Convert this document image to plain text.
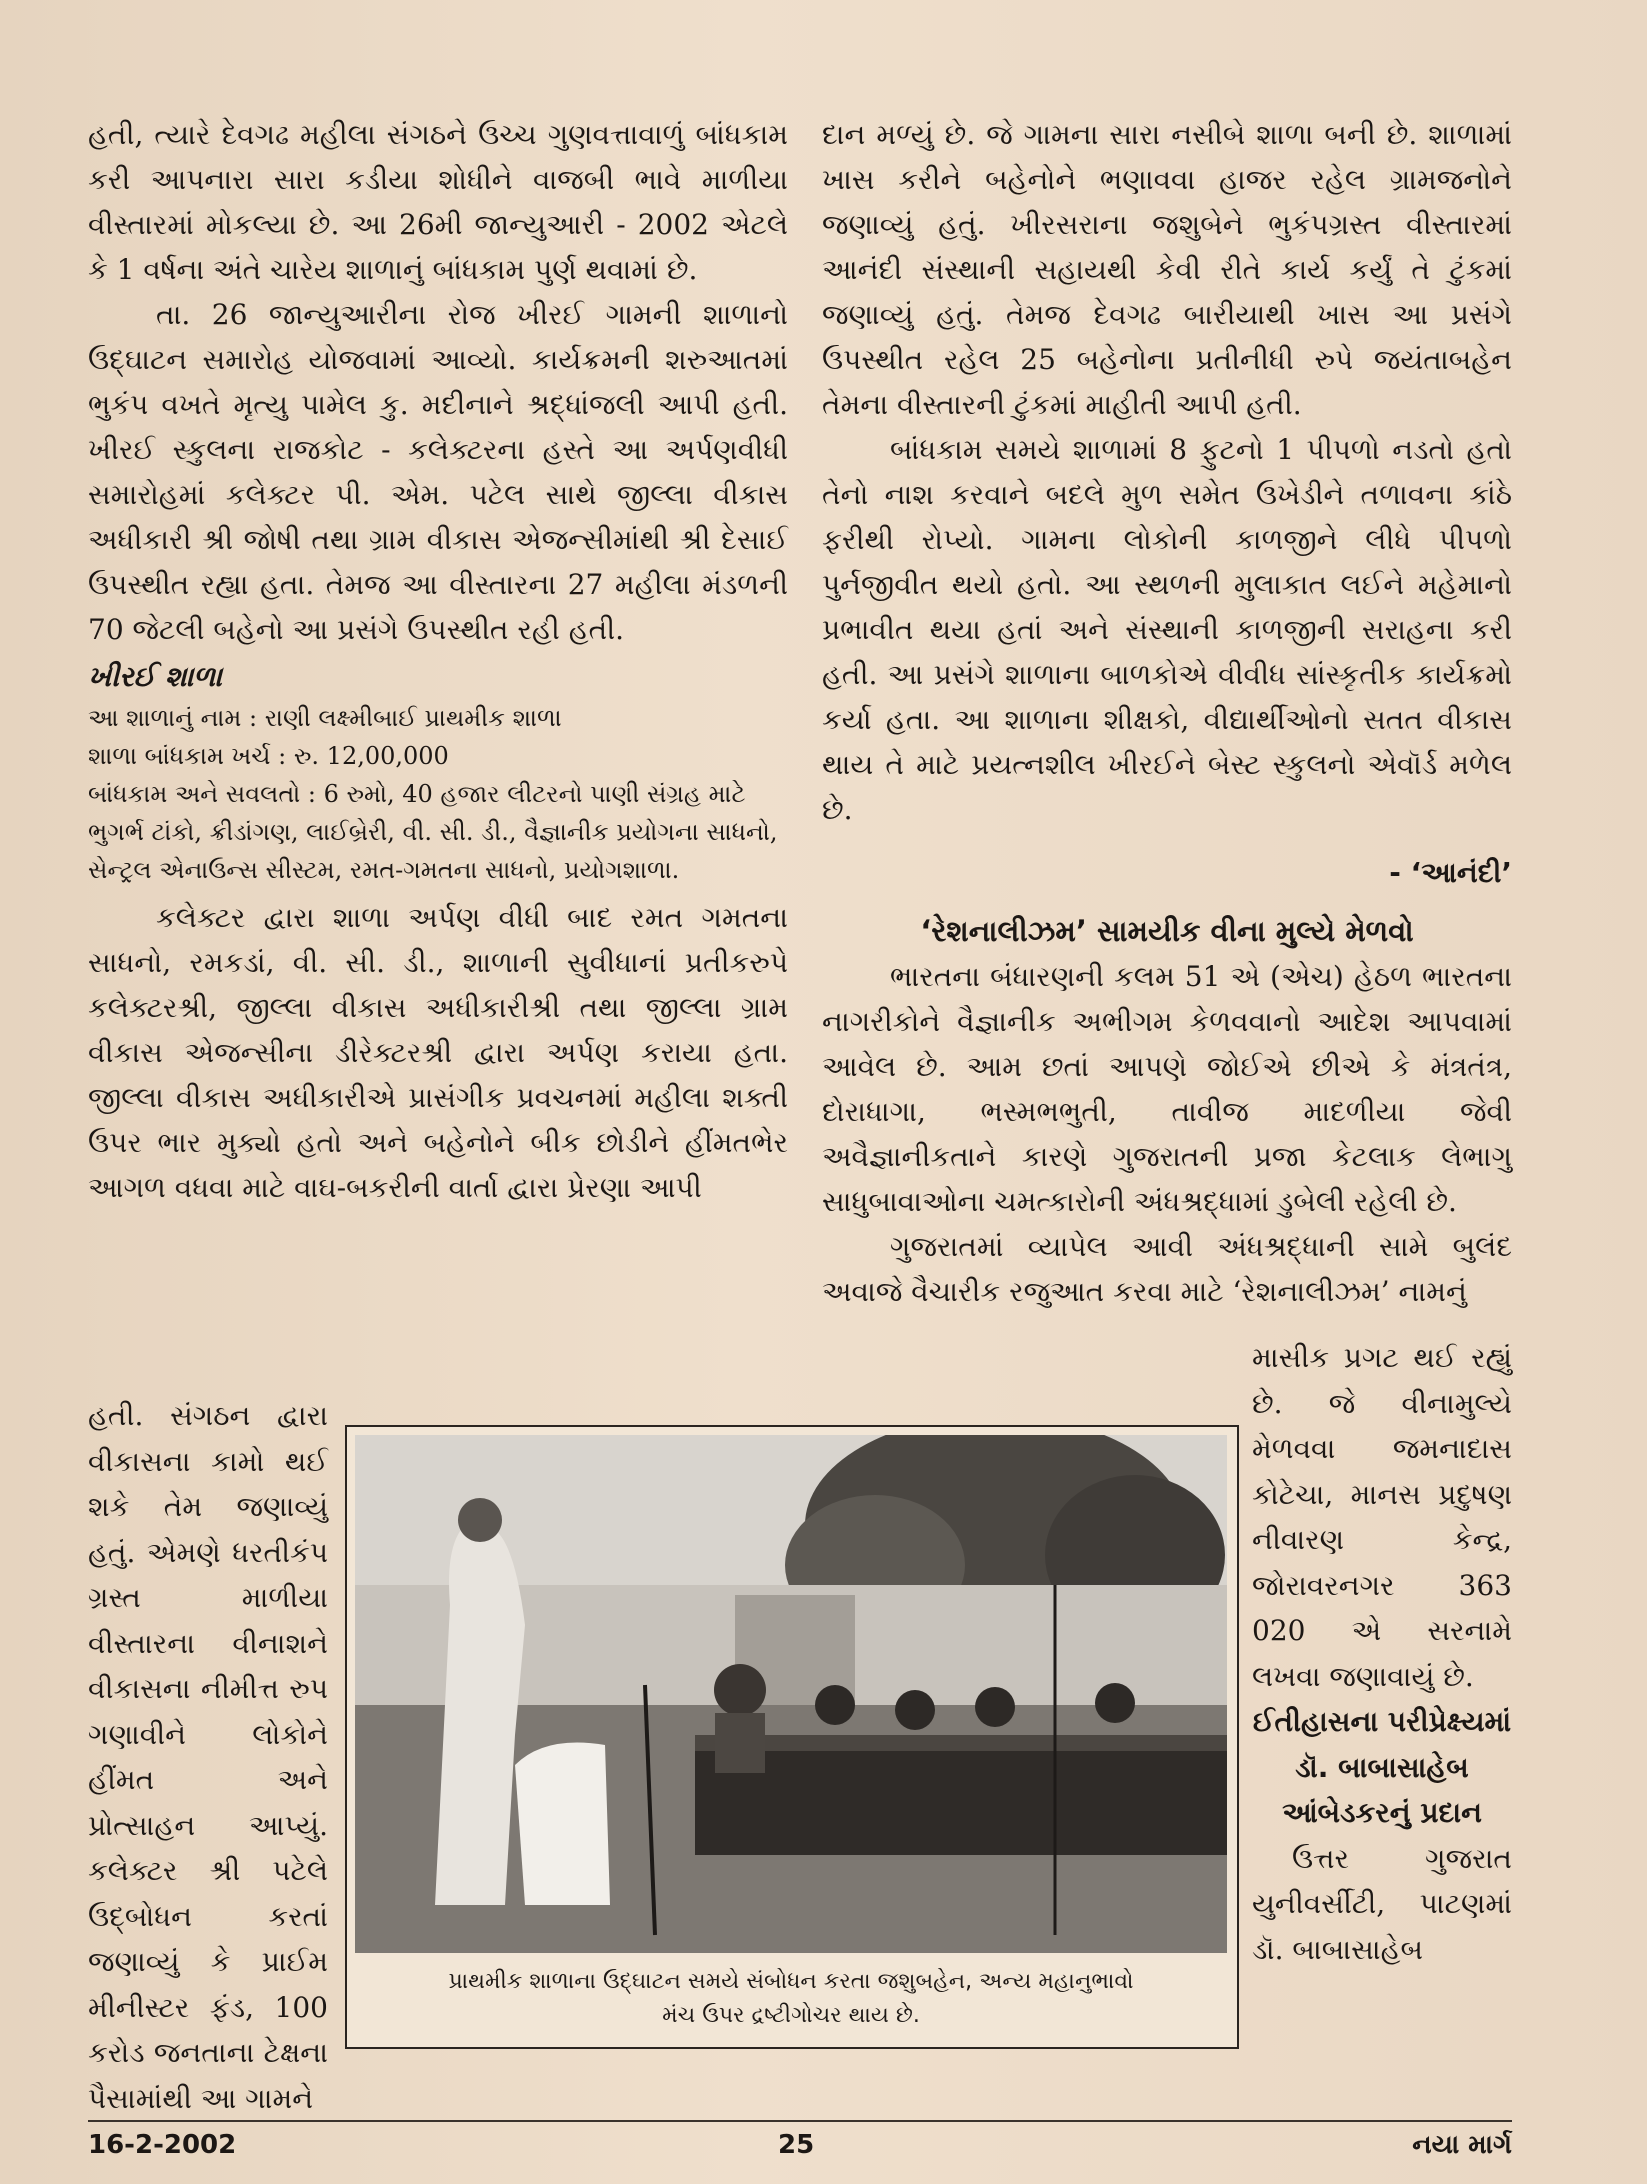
હતી, ત્યારે દેવગઢ મહીલા સંગઠને ઉચ્ચ ગુણવત્તાવાળું બાંધકામ કરી આપનારા સારા કડીયા શોધીને વાજબી ભાવે માળીયા વીસ્તારમાં મોકલ્યા છે. આ 26મી જાન્યુઆરી - 2002 એટલે કે 1 વર્ષના અંતે ચારેય શાળાનું બાંધકામ પુર્ણ થવામાં છે.

તા. 26 જાન્યુઆરીના રોજ ખીરઈ ગામની શાળાનો ઉદ્‌ઘાટન સમારોહ યોજવામાં આવ્યો. કાર્યક્રમની શરુઆતમાં ભુકંપ વખતે મૃત્યુ પામેલ કુ. મદીનાને શ્રદ્ધાંજલી આપી હતી. ખીરઈ સ્કુલના રાજકોટ - કલેક્ટરના હસ્તે આ અર્પણવીધી સમારોહમાં કલેક્ટર પી. એમ. પટેલ સાથે જીલ્લા વીકાસ અધીકારી શ્રી જોષી તથા ગ્રામ વીકાસ એજન્સીમાંથી શ્રી દેસાઈ ઉપસ્થીત રહ્યા હતા. તેમજ આ વીસ્તારના 27 મહીલા મંડળની 70 જેટલી બહેનો આ પ્રસંગે ઉપસ્થીત રહી હતી.

ખીરઈ શાળા

આ શાળાનું નામ : રાણી લક્ષ્મીબાઈ પ્રાથમીક શાળા

શાળા બાંધકામ ખર્ચ : રુ. 12,00,000

બાંધકામ અને સવલતો : 6 રુમો, 40 હજાર લીટરનો પાણી સંગ્રહ માટે ભુગર્ભ ટાંકો, ક્રીડાંગણ, લાઈબ્રેરી, વી. સી. ડી., વૈજ્ઞાનીક પ્રયોગના સાધનો, સેન્ટ્રલ એનાઉન્સ સીસ્ટમ, રમત-ગમતના સાધનો, પ્રયોગશાળા.

કલેક્ટર દ્વારા શાળા અર્પણ વીધી બાદ રમત ગમતના સાધનો, રમકડાં, વી. સી. ડી., શાળાની સુવીધાનાં પ્રતીકરુપે કલેક્ટરશ્રી, જીલ્લા વીકાસ અધીકારીશ્રી તથા જીલ્લા ગ્રામ વીકાસ એજન્સીના ડીરેક્ટરશ્રી દ્વારા અર્પણ કરાયા હતા. જીલ્લા વીકાસ અધીકારીએ પ્રાસંગીક પ્રવચનમાં મહીલા શક્તી ઉપર ભાર મુક્યો હતો અને બહેનોને બીક છોડીને હીંમતભેર આગળ વધવા માટે વાઘ-બકરીની વાર્તા દ્વારા પ્રેરણા આપી

હતી. સંગઠન દ્વારા વીકાસના કામો થઈ શકે તેમ જણાવ્યું હતું. એમણે ધરતીકંપ ગ્રસ્ત માળીયા વીસ્તારના વીનાશને વીકાસના નીમીત્ત રુપ ગણાવીને લોકોને હીંમત અને પ્રોત્સાહન આપ્યું. કલેક્ટર શ્રી પટેલે ઉદ્‌બોધન કરતાં જણાવ્યું કે પ્રાઈમ મીનીસ્ટર ફંડ, 100 કરોડ જનતાના ટેક્ષના પૈસામાંથી આ ગામને

દાન મળ્યું છે. જે ગામના સારા નસીબે શાળા બની છે. શાળામાં ખાસ કરીને બહેનોને ભણાવવા હાજર રહેલ ગ્રામજનોને જણાવ્યું હતું. ખીરસરાના જશુબેને ભુકંપગ્રસ્ત વીસ્તારમાં આનંદી સંસ્થાની સહાયથી કેવી રીતે કાર્ય કર્યું તે ટુંકમાં જણાવ્યું હતું. તેમજ દેવગઢ બારીયાથી ખાસ આ પ્રસંગે ઉપસ્થીત રહેલ 25 બહેનોના પ્રતીનીધી રુપે જયંતાબહેન તેમના વીસ્તારની ટુંકમાં માહીતી આપી હતી.

બાંધકામ સમયે શાળામાં 8 ફુટનો 1 પીપળો નડતો હતો તેનો નાશ કરવાને બદલે મુળ સમેત ઉખેડીને તળાવના કાંઠે ફરીથી રોપ્યો. ગામના લોકોની કાળજીને લીધે પીપળો પુર્નજીવીત થયો હતો. આ સ્થળની મુલાકાત લઈને મહેમાનો પ્રભાવીત થયા હતાં અને સંસ્થાની કાળજીની સરાહના કરી હતી. આ પ્રસંગે શાળાના બાળકોએ વીવીધ સાંસ્કૃતીક કાર્યક્રમો કર્યા હતા. આ શાળાના શીક્ષકો, વીદ્યાર્થીઓનો સતત વીકાસ થાય તે માટે પ્રયત્નશીલ ખીરઈને બેસ્ટ સ્કુલનો એવૉર્ડ મળેલ છે.

- ‘આનંદી’

‘રેશનાલીઝમ’ સામયીક વીના મુલ્યે મેળવો

ભારતના બંધારણની કલમ 51 એ (એચ) હેઠળ ભારતના નાગરીકોને વૈજ્ઞાનીક અભીગમ કેળવવાનો આદેશ આપવામાં આવેલ છે. આમ છતાં આપણે જોઈએ છીએ કે મંત્રતંત્ર, દોરાધાગા, ભસ્મભભુતી, તાવીજ માદળીયા જેવી અવૈજ્ઞાનીકતાને કારણે ગુજરાતની પ્રજા કેટલાક લેભાગુ સાધુબાવાઓના ચમત્કારોની અંધશ્રદ્ધામાં ડુબેલી રહેલી છે.

ગુજરાતમાં વ્યાપેલ આવી અંધશ્રદ્ધાની સામે બુલંદ અવાજે વૈચારીક રજુઆત કરવા માટે ‘રેશનાલીઝમ’ નામનું

માસીક પ્રગટ થઈ રહ્યું છે. જે વીનામુલ્યે મેળવવા જમનાદાસ કોટેચા, માનસ પ્રદુષણ નીવારણ કેન્દ્ર, જોરાવરનગર 363 020 એ સરનામે લખવા જણાવાયું છે.

ઈતીહાસના પરીપ્રેક્ષ્યમાં ડૉ. બાબાસાહેબ આંબેડકરનું પ્રદાન

ઉત્તર ગુજરાત યુનીવર્સીટી, પાટણમાં ડૉ. બાબાસાહેબ

પ્રાથમીક શાળાના ઉદ્‌ઘાટન સમયે સંબોધન કરતા જશુબહેન, અન્ય મહાનુભાવો
મંચ ઉપર દ્રષ્ટીગોચર થાય છે.
16-2-2002	25	નયા માર્ગ
